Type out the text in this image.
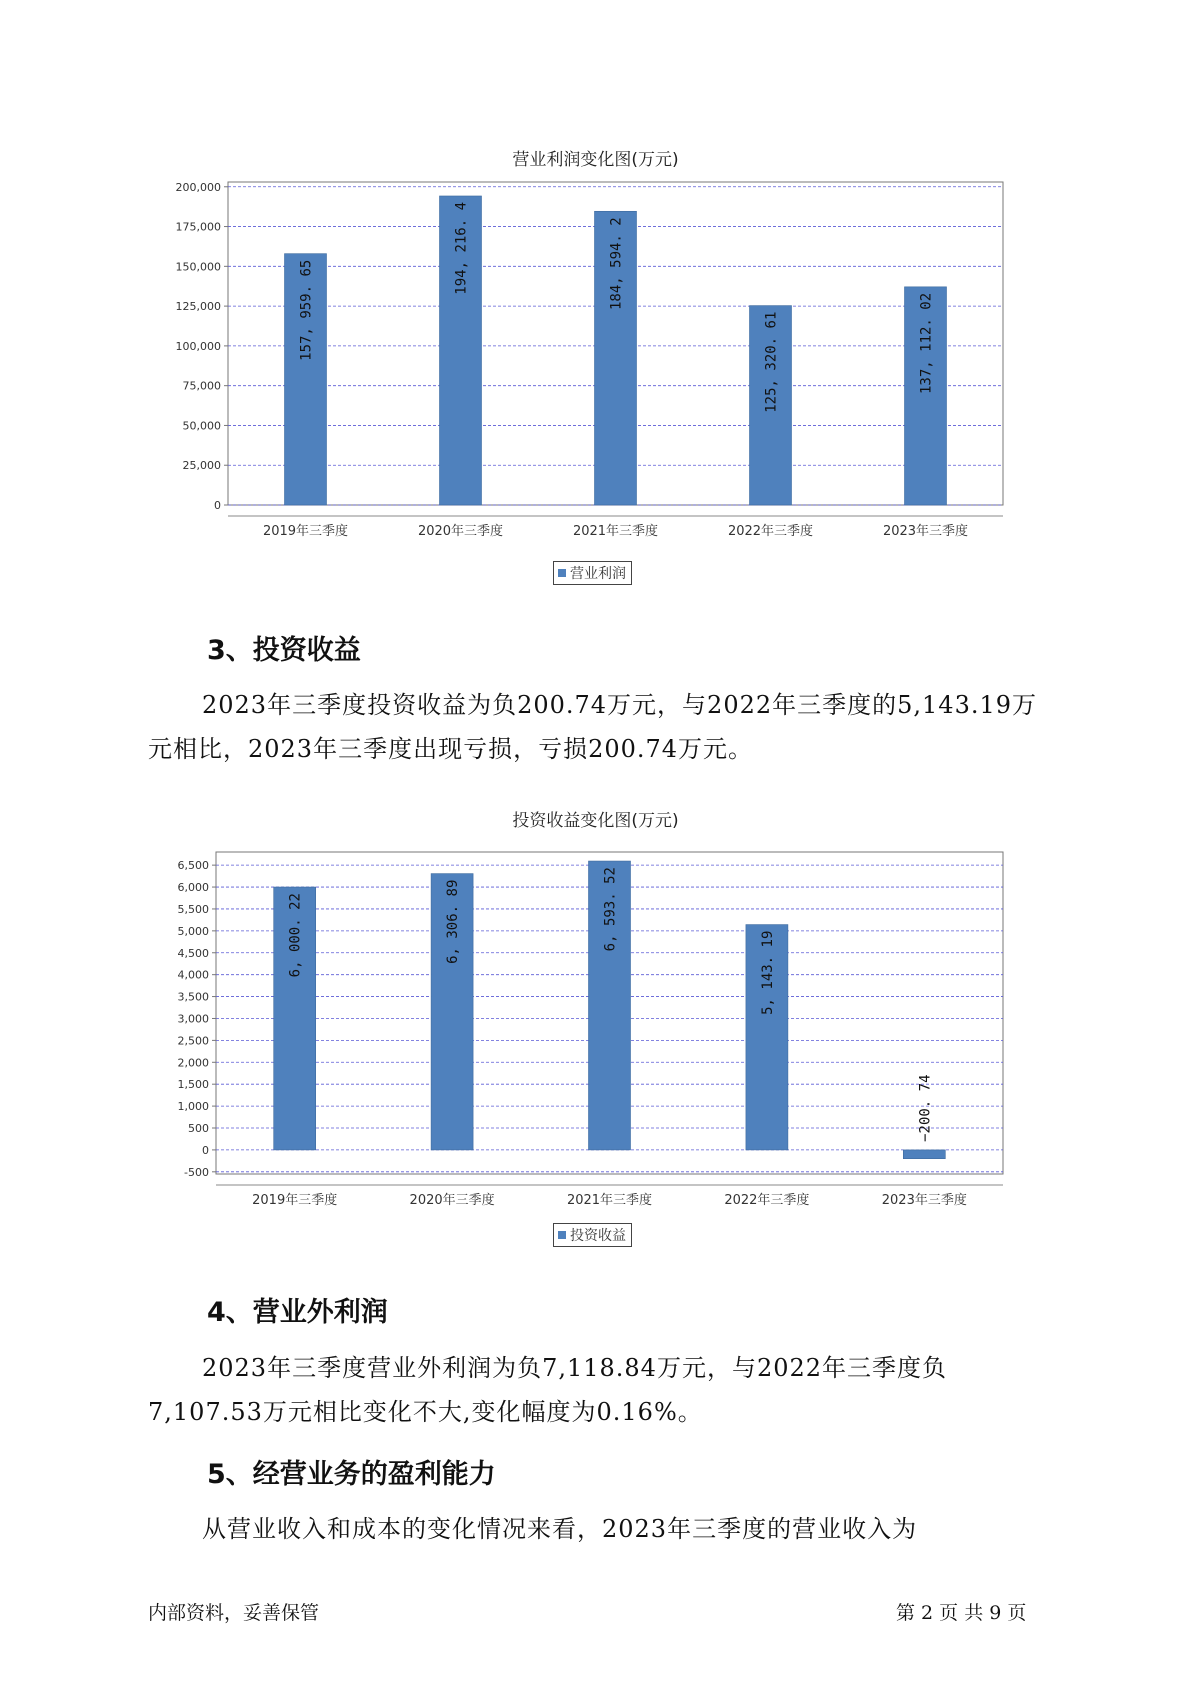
营业利润变化图(万元)
0
25,000
50,000
75,000
100,000
125,000
150,000
175,000
200,000
2019年三季度
157, 959. 65
2020年三季度
194, 216. 4
2021年三季度
184, 594. 2
2022年三季度
125, 320. 61
2023年三季度
137, 112. 02
营业利润
3、投资收益

2023年三季度投资收益为负200.74万元，与2022年三季度的5,143.19万元相比，2023年三季度出现亏损，亏损200.74万元。

投资收益变化图(万元)
-500
0
500
1,000
1,500
2,000
2,500
3,000
3,500
4,000
4,500
5,000
5,500
6,000
6,500
2019年三季度
6, 000. 22
2020年三季度
6, 306. 89
2021年三季度
6, 593. 52
2022年三季度
5, 143. 19
2023年三季度
−200. 74
投资收益
4、营业外利润

2023年三季度营业外利润为负7,118.84万元，与2022年三季度负7,107.53万元相比变化不大,变化幅度为0.16%。

5、经营业务的盈利能力

从营业收入和成本的变化情况来看，2023年三季度的营业收入为

内部资料，妥善保管	第 2 页 共 9 页
